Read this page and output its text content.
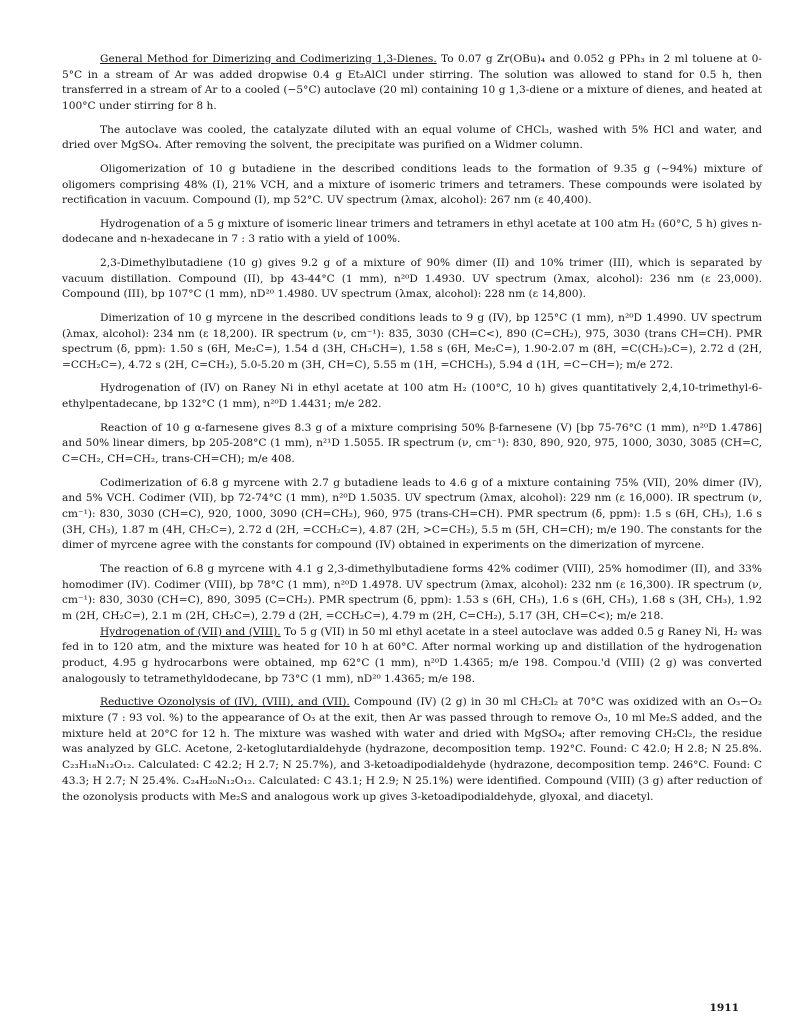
General Method for Dimerizing and Codimerizing 1,3-Dienes. To 0.07 g Zr(OBu)₄ and 0.052 g PPh₃ in 2 ml toluene at 0-5°C in a stream of Ar was added dropwise 0.4 g Et₂AlCl under stirring. The solution was allowed to stand for 0.5 h, then transferred in a stream of Ar to a cooled (−5°C) autoclave (20 ml) containing 10 g 1,3-diene or a mixture of dienes, and heated at 100°C under stirring for 8 h.

The autoclave was cooled, the catalyzate diluted with an equal volume of CHCl₃, washed with 5% HCl and water, and dried over MgSO₄. After removing the solvent, the precipitate was purified on a Widmer column.

Oligomerization of 10 g butadiene in the described conditions leads to the formation of 9.35 g (~94%) mixture of oligomers comprising 48% (I), 21% VCH, and a mixture of isomeric trimers and tetramers. These compounds were isolated by rectification in vacuum. Compound (I), mp 52°C. UV spectrum (λmax, alcohol): 267 nm (ε 40,400).

Hydrogenation of a 5 g mixture of isomeric linear trimers and tetramers in ethyl acetate at 100 atm H₂ (60°C, 5 h) gives n-dodecane and n-hexadecane in 7 : 3 ratio with a yield of 100%.

2,3-Dimethylbutadiene (10 g) gives 9.2 g of a mixture of 90% dimer (II) and 10% trimer (III), which is separated by vacuum distillation. Compound (II), bp 43-44°C (1 mm), n²⁰D 1.4930. UV spectrum (λmax, alcohol): 236 nm (ε 23,000). Compound (III), bp 107°C (1 mm), nD²⁰ 1.4980. UV spectrum (λmax, alcohol): 228 nm (ε 14,800).

Dimerization of 10 g myrcene in the described conditions leads to 9 g (IV), bp 125°C (1 mm), n²⁰D 1.4990. UV spectrum (λmax, alcohol): 234 nm (ε 18,200). IR spectrum (ν, cm⁻¹): 835, 3030 (CH=C<), 890 (C=CH₂), 975, 3030 (trans CH=CH). PMR spectrum (δ, ppm): 1.50 s (6H, Me₂C=), 1.54 d (3H, CH₃CH=), 1.58 s (6H, Me₂C=), 1.90-2.07 m (8H, =C(CH₂)₂C=), 2.72 d (2H, =CCH₂C=), 4.72 s (2H, C=CH₂), 5.0-5.20 m (3H, CH=C), 5.55 m (1H, =CHCH₃), 5.94 d (1H, =C−CH=); m/e 272.

Hydrogenation of (IV) on Raney Ni in ethyl acetate at 100 atm H₂ (100°C, 10 h) gives quantitatively 2,4,10-trimethyl-6-ethylpentadecane, bp 132°C (1 mm), n²⁰D 1.4431; m/e 282.

Reaction of 10 g α-farnesene gives 8.3 g of a mixture comprising 50% β-farnesene (V) [bp 75-76°C (1 mm), n²⁰D 1.4786] and 50% linear dimers, bp 205-208°C (1 mm), n²¹D 1.5055. IR spectrum (ν, cm⁻¹): 830, 890, 920, 975, 1000, 3030, 3085 (CH=C, C=CH₂, CH=CH₂, trans-CH=CH); m/e 408.

Codimerization of 6.8 g myrcene with 2.7 g butadiene leads to 4.6 g of a mixture containing 75% (VII), 20% dimer (IV), and 5% VCH. Codimer (VII), bp 72-74°C (1 mm), n²⁰D 1.5035. UV spectrum (λmax, alcohol): 229 nm (ε 16,000). IR spectrum (ν, cm⁻¹): 830, 3030 (CH=C), 920, 1000, 3090 (CH=CH₂), 960, 975 (trans-CH=CH). PMR spectrum (δ, ppm): 1.5 s (6H, CH₃), 1.6 s (3H, CH₃), 1.87 m (4H, CH₂C=), 2.72 d (2H, =CCH₂C=), 4.87 (2H, >C=CH₂), 5.5 m (5H, CH=CH); m/e 190. The constants for the dimer of myrcene agree with the constants for compound (IV) obtained in experiments on the dimerization of myrcene.

The reaction of 6.8 g myrcene with 4.1 g 2,3-dimethylbutadiene forms 42% codimer (VIII), 25% homodimer (II), and 33% homodimer (IV). Codimer (VIII), bp 78°C (1 mm), n²⁰D 1.4978. UV spectrum (λmax, alcohol): 232 nm (ε 16,300). IR spectrum (ν, cm⁻¹): 830, 3030 (CH=C), 890, 3095 (C=CH₂). PMR spectrum (δ, ppm): 1.53 s (6H, CH₃), 1.6 s (6H, CH₃), 1.68 s (3H, CH₃), 1.92 m (2H, CH₂C=), 2.1 m (2H, CH₂C=), 2.79 d (2H, =CCH₂C=), 4.79 m (2H, C=CH₂), 5.17 (3H, CH=C<); m/e 218.

Hydrogenation of (VII) and (VIII). To 5 g (VII) in 50 ml ethyl acetate in a steel autoclave was added 0.5 g Raney Ni, H₂ was fed in to 120 atm, and the mixture was heated for 10 h at 60°C. After normal working up and distillation of the hydrogenation product, 4.95 g hydrocarbons were obtained, mp 62°C (1 mm), n²⁰D 1.4365; m/e 198. Compou.'d (VIII) (2 g) was converted analogously to tetramethyldodecane, bp 73°C (1 mm), nD²⁰ 1.4365; m/e 198.

Reductive Ozonolysis of (IV), (VIII), and (VII). Compound (IV) (2 g) in 30 ml CH₂Cl₂ at 70°C was oxidized with an O₃−O₂ mixture (7 : 93 vol. %) to the appearance of O₃ at the exit, then Ar was passed through to remove O₃, 10 ml Me₂S added, and the mixture held at 20°C for 12 h. The mixture was washed with water and dried with MgSO₄; after removing CH₂Cl₂, the residue was analyzed by GLC. Acetone, 2-ketoglutardialdehyde (hydrazone, decomposition temp. 192°C. Found: C 42.0; H 2.8; N 25.8%. C₂₃H₁₈N₁₂O₁₂. Calculated: C 42.2; H 2.7; N 25.7%), and 3-ketoadipodialdehyde (hydrazone, decomposition temp. 246°C. Found: C 43.3; H 2.7; N 25.4%. C₂₄H₂₀N₁₂O₁₂. Calculated: C 43.1; H 2.9; N 25.1%) were identified. Compound (VIII) (3 g) after reduction of the ozonolysis products with Me₂S and analogous work up gives 3-ketoadipodialdehyde, glyoxal, and diacetyl.

1911
